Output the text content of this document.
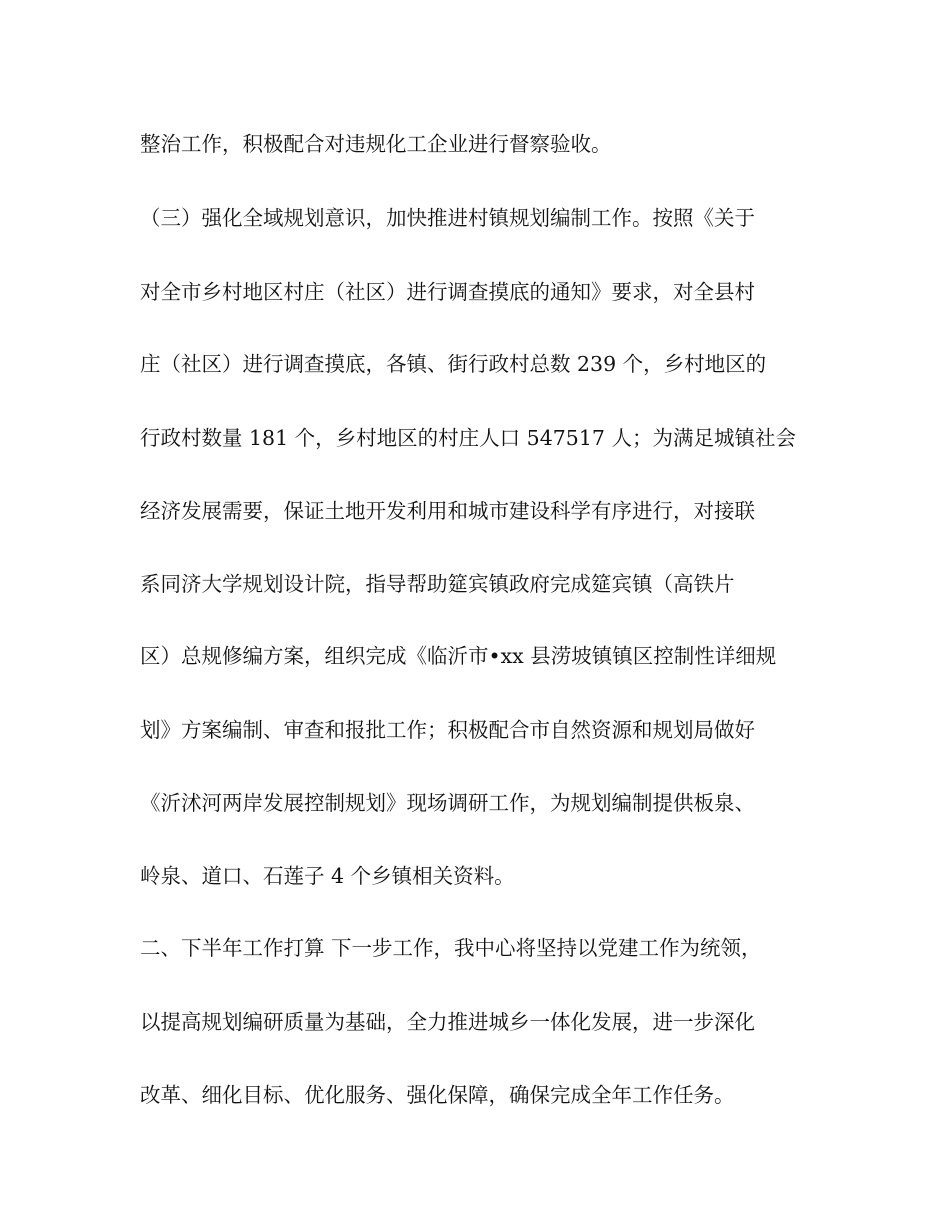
整治工作，积极配合对违规化工企业进行督察验收。

（三）强化全域规划意识，加快推进村镇规划编制工作。按照《关于

对全市乡村地区村庄（社区）进行调查摸底的通知》要求，对全县村

庄（社区）进行调查摸底，各镇、街行政村总数 239 个，乡村地区的

行政村数量 181 个，乡村地区的村庄人口 547517 人；为满足城镇社会

经济发展需要，保证土地开发利用和城市建设科学有序进行，对接联

系同济大学规划设计院，指导帮助筵宾镇政府完成筵宾镇（高铁片

区）总规修编方案，组织完成《临沂市•xx 县涝坡镇镇区控制性详细规

划》方案编制、审查和报批工作；积极配合市自然资源和规划局做好

《沂沭河两岸发展控制规划》现场调研工作，为规划编制提供板泉、

岭泉、道口、石莲子 4 个乡镇相关资料。

二、下半年工作打算 下一步工作，我中心将坚持以党建工作为统领，

以提高规划编研质量为基础，全力推进城乡一体化发展，进一步深化

改革、细化目标、优化服务、强化保障，确保完成全年工作任务。
